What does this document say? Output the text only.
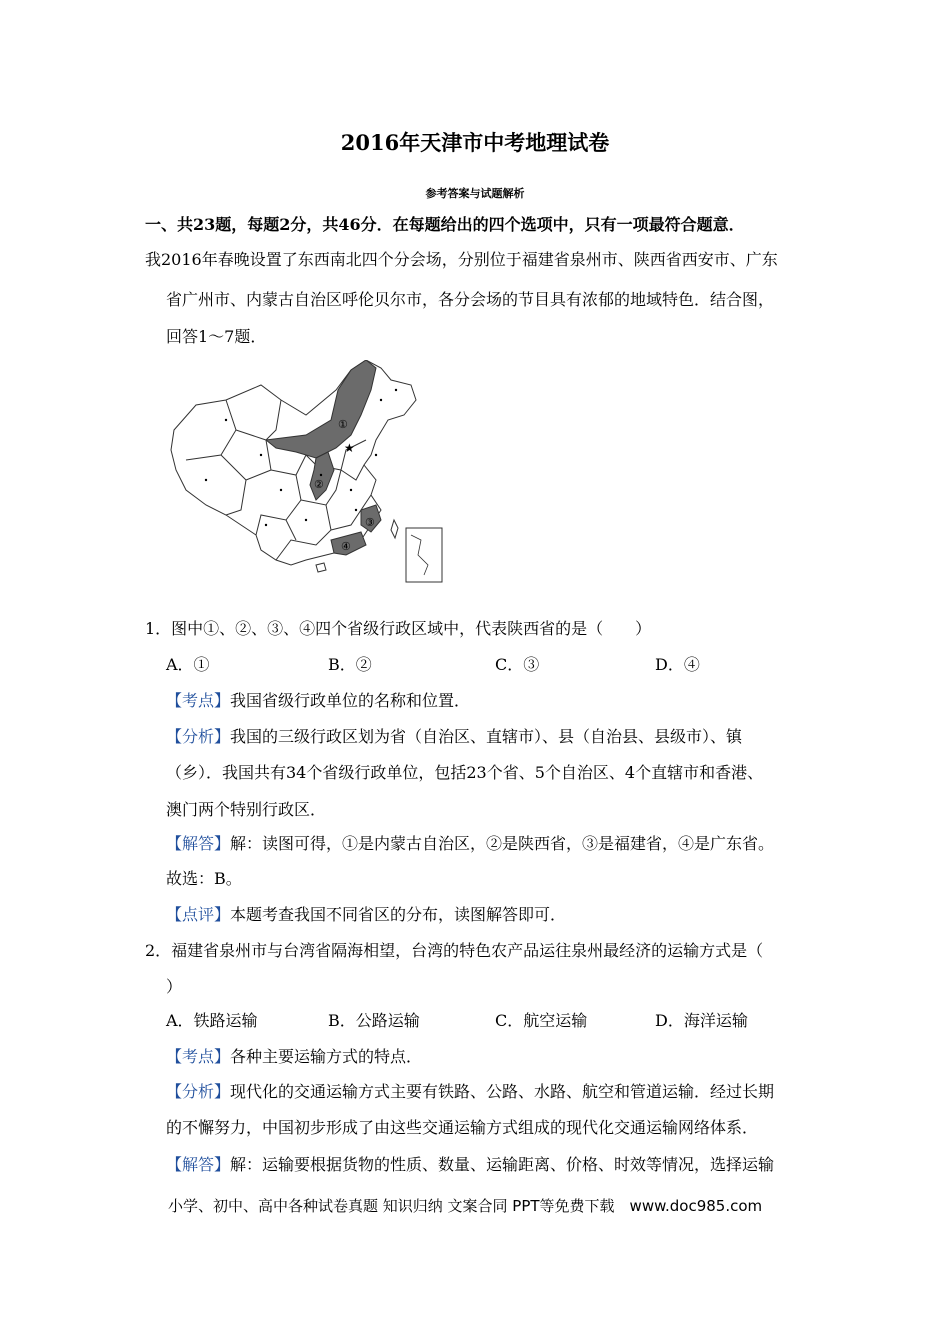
2016年天津市中考地理试卷
参考答案与试题解析
一、共23题，每题2分，共46分．在每题给出的四个选项中，只有一项最符合题意．
我2016年春晚设置了东西南北四个分会场，分别位于福建省泉州市、陕西省西安市、广东
省广州市、内蒙古自治区呼伦贝尔市，各分会场的节目具有浓郁的地域特色．结合图，
回答1～7题．
★
①
②
③
④
1．图中①、②、③、④四个省级行政区域中，代表陕西省的是（　　）
A．①	B．②	C．③	D．④
【考点】我国省级行政单位的名称和位置．
【分析】我国的三级行政区划为省（自治区、直辖市）、县（自治县、县级市）、镇
（乡）．我国共有34个省级行政单位，包括23个省、5个自治区、4个直辖市和香港、
澳门两个特别行政区．
【解答】解：读图可得，①是内蒙古自治区，②是陕西省，③是福建省，④是广东省。
故选：B。
【点评】本题考查我国不同省区的分布，读图解答即可．
2．福建省泉州市与台湾省隔海相望，台湾的特色农产品运往泉州最经济的运输方式是（
）
A．铁路运输	B．公路运输	C．航空运输	D．海洋运输
【考点】各种主要运输方式的特点．
【分析】现代化的交通运输方式主要有铁路、公路、水路、航空和管道运输．经过长期
的不懈努力，中国初步形成了由这些交通运输方式组成的现代化交通运输网络体系．
【解答】解：运输要根据货物的性质、数量、运输距离、价格、时效等情况，选择运输
小学、初中、高中各种试卷真题 知识归纳 文案合同 PPT等免费下载　www.doc985.com
